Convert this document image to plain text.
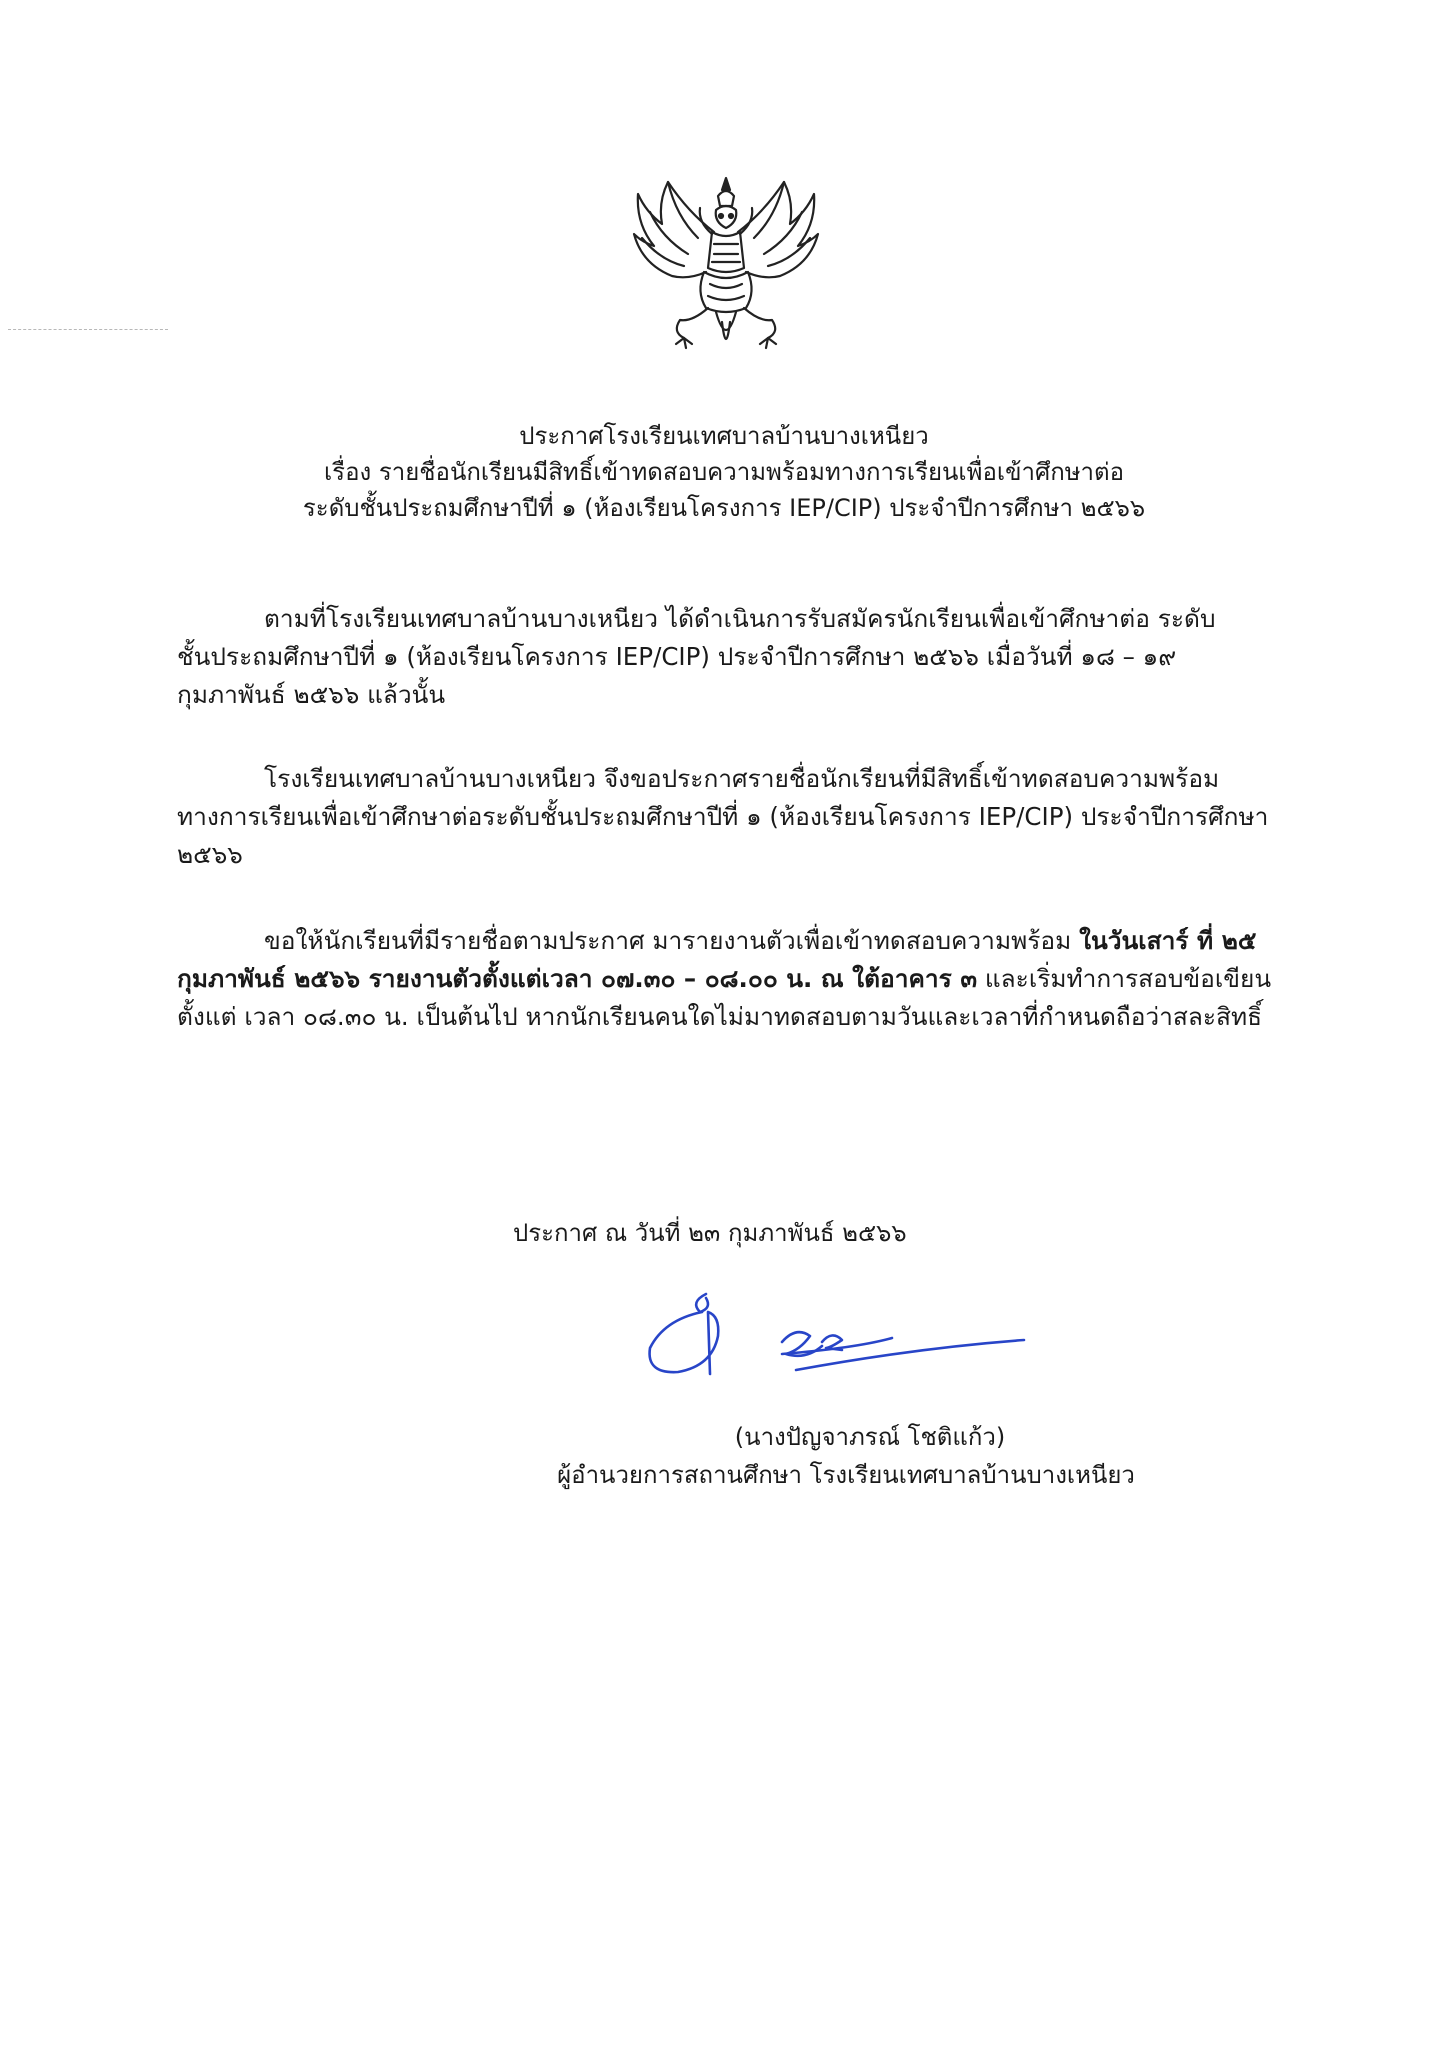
ประกาศโรงเรียนเทศบาลบ้านบางเหนียว
เรื่อง รายชื่อนักเรียนมีสิทธิ์เข้าทดสอบความพร้อมทางการเรียนเพื่อเข้าศึกษาต่อ
ระดับชั้นประถมศึกษาปีที่ ๑ (ห้องเรียนโครงการ IEP/CIP) ประจำปีการศึกษา ๒๕๖๖
ตามที่โรงเรียนเทศบาลบ้านบางเหนียว ได้ดำเนินการรับสมัครนักเรียนเพื่อเข้าศึกษาต่อ ระดับ
ชั้นประถมศึกษาปีที่ ๑ (ห้องเรียนโครงการ IEP/CIP) ประจำปีการศึกษา ๒๕๖๖ เมื่อวันที่ ๑๘ – ๑๙
กุมภาพันธ์ ๒๕๖๖ แล้วนั้น
โรงเรียนเทศบาลบ้านบางเหนียว จึงขอประกาศรายชื่อนักเรียนที่มีสิทธิ์เข้าทดสอบความพร้อม
ทางการเรียนเพื่อเข้าศึกษาต่อระดับชั้นประถมศึกษาปีที่ ๑ (ห้องเรียนโครงการ IEP/CIP) ประจำปีการศึกษา
๒๕๖๖
ขอให้นักเรียนที่มีรายชื่อตามประกาศ มารายงานตัวเพื่อเข้าทดสอบความพร้อม ในวันเสาร์ ที่ ๒๕
กุมภาพันธ์ ๒๕๖๖ รายงานตัวตั้งแต่เวลา ๐๗.๓๐ – ๐๘.๐๐ น. ณ ใต้อาคาร ๓ และเริ่มทำการสอบข้อเขียน
ตั้งแต่ เวลา ๐๘.๓๐ น. เป็นต้นไป หากนักเรียนคนใดไม่มาทดสอบตามวันและเวลาที่กำหนดถือว่าสละสิทธิ์
ประกาศ ณ วันที่ ๒๓ กุมภาพันธ์ ๒๕๖๖
(นางปัญจาภรณ์ โชติแก้ว)
ผู้อำนวยการสถานศึกษา โรงเรียนเทศบาลบ้านบางเหนียว
